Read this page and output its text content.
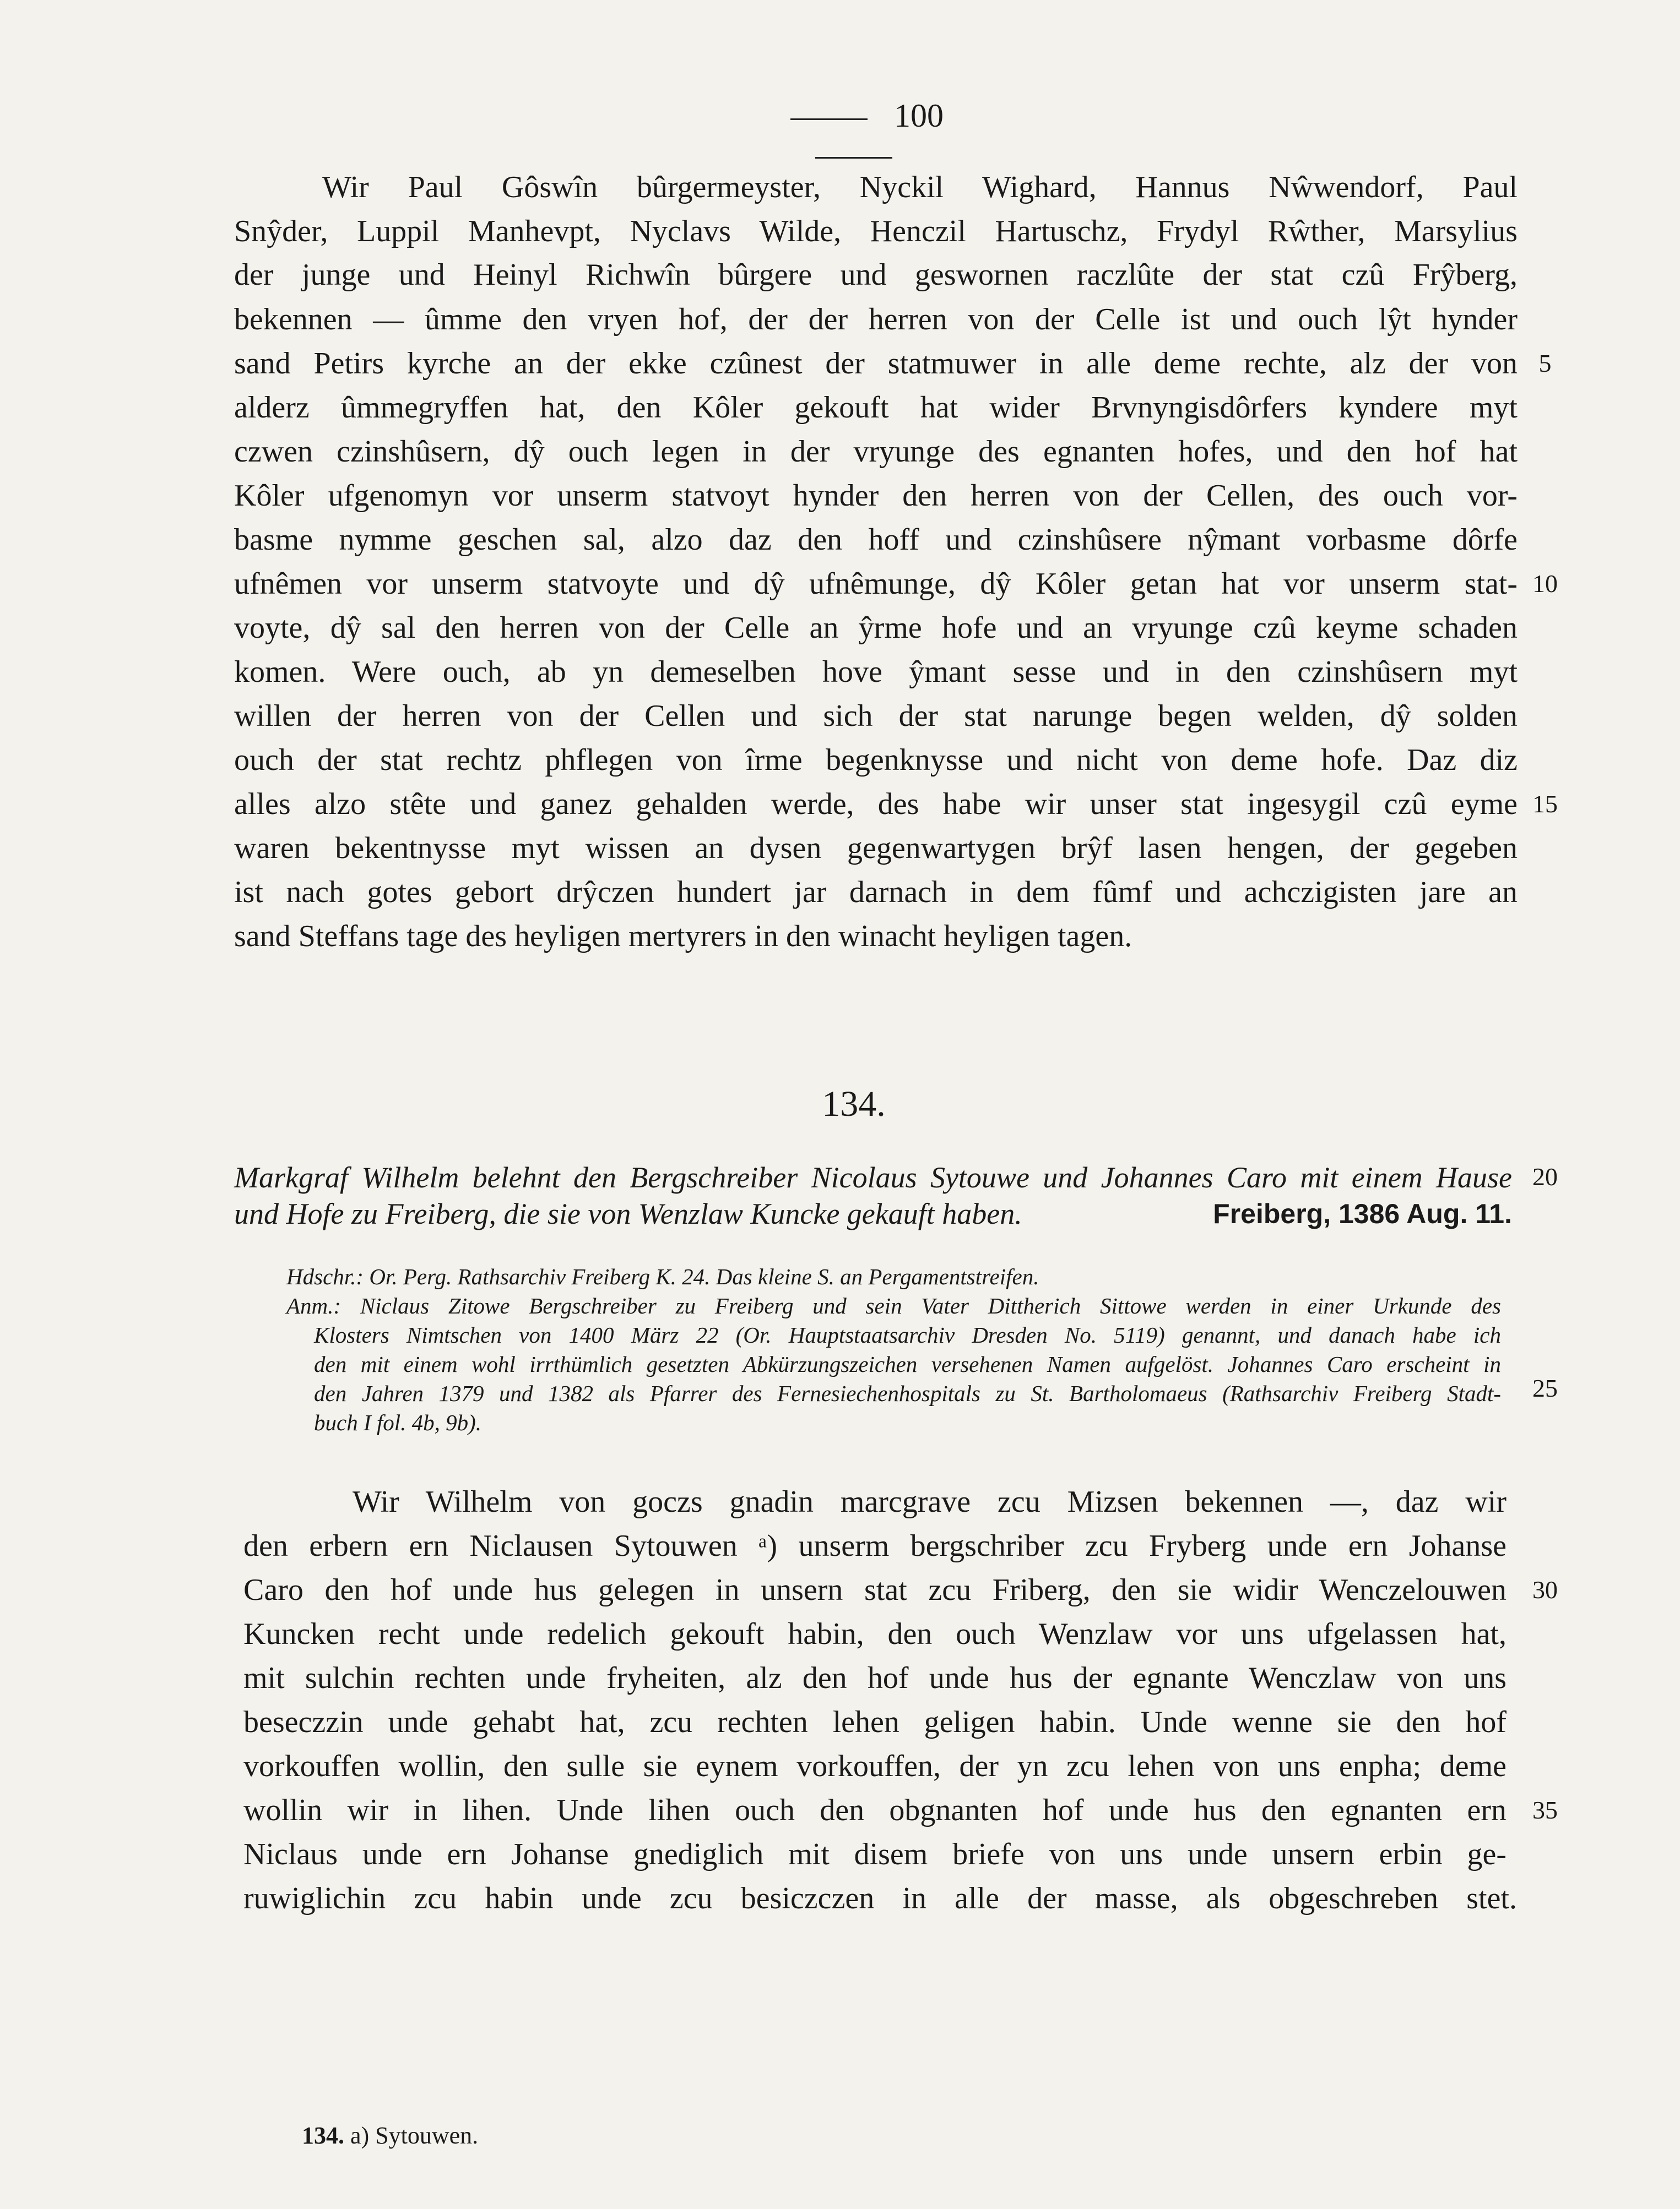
100
Wir Paul Gôswîn bûrgermeyster, Nyckil Wighard, Hannus Nŵwendorf, Paul
Snŷder, Luppil Manhevpt, Nyclavs Wilde, Henczil Hartuschz, Frydyl Rŵther, Marsylius
der junge und Heinyl Richwîn bûrgere und geswornen raczlûte der stat czû Frŷberg,
bekennen — ûmme den vryen hof, der der herren von der Celle ist und ouch lŷt hynder
sand Petirs kyrche an der ekke czûnest der statmuwer in alle deme rechte, alz der von
alderz ûmmegryffen hat, den Kôler gekouft hat wider Brvnyngisdôrfers kyndere myt
czwen czinshûsern, dŷ ouch legen in der vryunge des egnanten hofes, und den hof hat
Kôler ufgenomyn vor unserm statvoyt hynder den herren von der Cellen, des ouch vor-
basme nymme geschen sal, alzo daz den hoff und czinshûsere nŷmant vorbasme dôrfe
ufnêmen vor unserm statvoyte und dŷ ufnêmunge, dŷ Kôler getan hat vor unserm stat-
voyte, dŷ sal den herren von der Celle an ŷrme hofe und an vryunge czû keyme schaden
komen. Were ouch, ab yn demeselben hove ŷmant sesse und in den czinshûsern myt
willen der herren von der Cellen und sich der stat narunge begen welden, dŷ solden
ouch der stat rechtz phflegen von îrme begenknysse und nicht von deme hofe. Daz diz
alles alzo stête und ganez gehalden werde, des habe wir unser stat ingesygil czû eyme
waren bekentnysse myt wissen an dysen gegenwartygen brŷf lasen hengen, der gegeben
ist nach gotes gebort drŷczen hundert jar darnach in dem fûmf und achczigisten jare an
sand Steffans tage des heyligen mertyrers in den winacht heyligen tagen.
5
10
15
134.
Markgraf Wilhelm belehnt den Bergschreiber Nicolaus Sytouwe und Johannes Caro mit einem Hause
und Hofe zu Freiberg, die sie von Wenzlaw Kuncke gekauft haben.	Freiberg, 1386 Aug. 11.
20
Hdschr.: Or. Perg. Rathsarchiv Freiberg K. 24. Das kleine S. an Pergamentstreifen.
Anm.: Niclaus Zitowe Bergschreiber zu Freiberg und sein Vater Dittherich Sittowe werden in einer Urkunde des
Klosters Nimtschen von 1400 März 22 (Or. Hauptstaatsarchiv Dresden No. 5119) genannt, und danach habe ich
den mit einem wohl irrthümlich gesetzten Abkürzungszeichen versehenen Namen aufgelöst. Johannes Caro erscheint in
den Jahren 1379 und 1382 als Pfarrer des Fernesiechenhospitals zu St. Bartholomaeus (Rathsarchiv Freiberg Stadt-
buch I fol. 4b, 9b).
25
Wir Wilhelm von goczs gnadin marcgrave zcu Mizsen bekennen —, daz wir
den erbern ern Niclausen Sytouwen ᵃ) unserm bergschriber zcu Fryberg unde ern Johanse
Caro den hof unde hus gelegen in unsern stat zcu Friberg, den sie widir Wenczelouwen
Kuncken recht unde redelich gekouft habin, den ouch Wenzlaw vor uns ufgelassen hat,
mit sulchin rechten unde fryheiten, alz den hof unde hus der egnante Wenczlaw von uns
beseczzin unde gehabt hat, zcu rechten lehen geligen habin. Unde wenne sie den hof
vorkouffen wollin, den sulle sie eynem vorkouffen, der yn zcu lehen von uns enpha; deme
wollin wir in lihen. Unde lihen ouch den obgnanten hof unde hus den egnanten ern
Niclaus unde ern Johanse gnediglich mit disem briefe von uns unde unsern erbin ge-
ruwiglichin zcu habin unde zcu besiczczen in alle der masse, als obgeschreben stet.
30
35
134. a) Sytouwen.
